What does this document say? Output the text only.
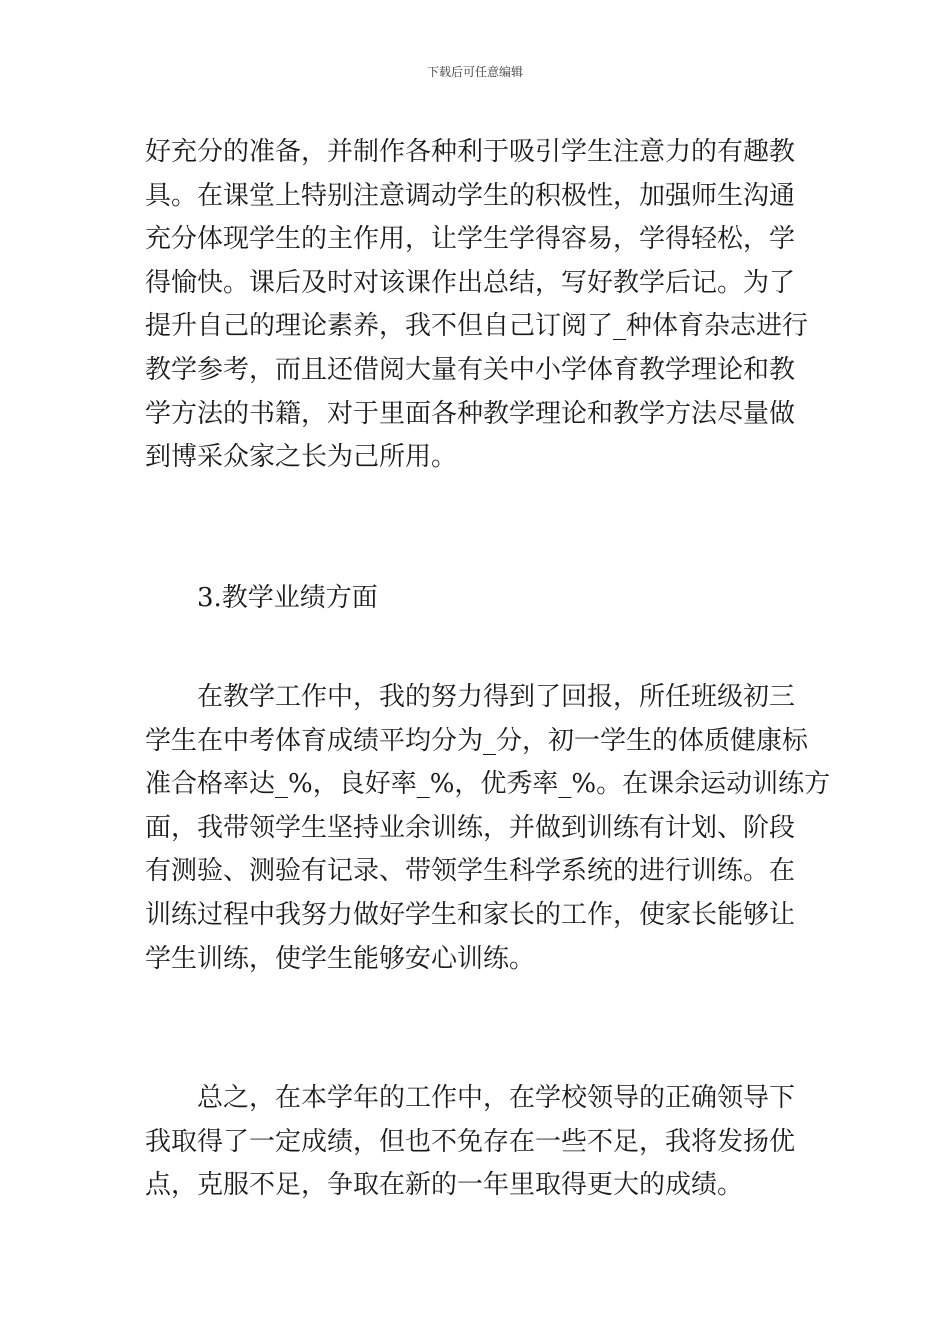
下载后可任意编辑
好充分的准备，并制作各种利于吸引学生注意力的有趣教
具。在课堂上特别注意调动学生的积极性，加强师生沟通
充分体现学生的主作用，让学生学得容易，学得轻松，学
得愉快。课后及时对该课作出总结，写好教学后记。为了
提升自己的理论素养，我不但自己订阅了_种体育杂志进行
教学参考，而且还借阅大量有关中小学体育教学理论和教
学方法的书籍，对于里面各种教学理论和教学方法尽量做
到博采众家之长为己所用。
　　3.教学业绩方面
　　在教学工作中，我的努力得到了回报，所任班级初三
学生在中考体育成绩平均分为_分，初一学生的体质健康标
准合格率达_%，良好率_%，优秀率_%。在课余运动训练方
面，我带领学生坚持业余训练，并做到训练有计划、阶段
有测验、测验有记录、带领学生科学系统的进行训练。在
训练过程中我努力做好学生和家长的工作，使家长能够让
学生训练，使学生能够安心训练。
　　总之，在本学年的工作中，在学校领导的正确领导下
我取得了一定成绩，但也不免存在一些不足，我将发扬优
点，克服不足，争取在新的一年里取得更大的成绩。
